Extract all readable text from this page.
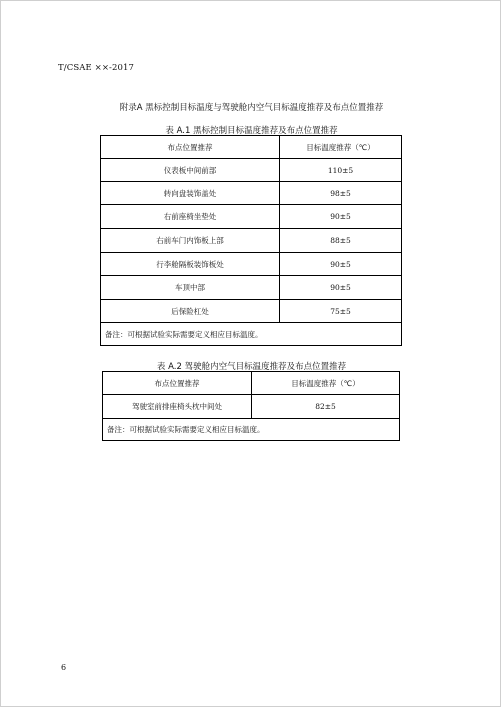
T/CSAE ××-2017
附录A 黑标控制目标温度与驾驶舱内空气目标温度推荐及布点位置推荐
表 A.1 黑标控制目标温度推荐及布点位置推荐
布点位置推荐	目标温度推荐（℃）
仪表板中间前部	110±5
转向盘装饰盖处	98±5
右前座椅坐垫处	90±5
右前车门内饰板上部	88±5
行李舱隔板装饰板处	90±5
车顶中部	90±5
后保险杠处	75±5
备注：可根据试验实际需要定义相应目标温度。	
表 A.2 驾驶舱内空气目标温度推荐及布点位置推荐
布点位置推荐	目标温度推荐（℃）
驾驶室前排座椅头枕中间处	82±5
备注：可根据试验实际需要定义相应目标温度。	
6
